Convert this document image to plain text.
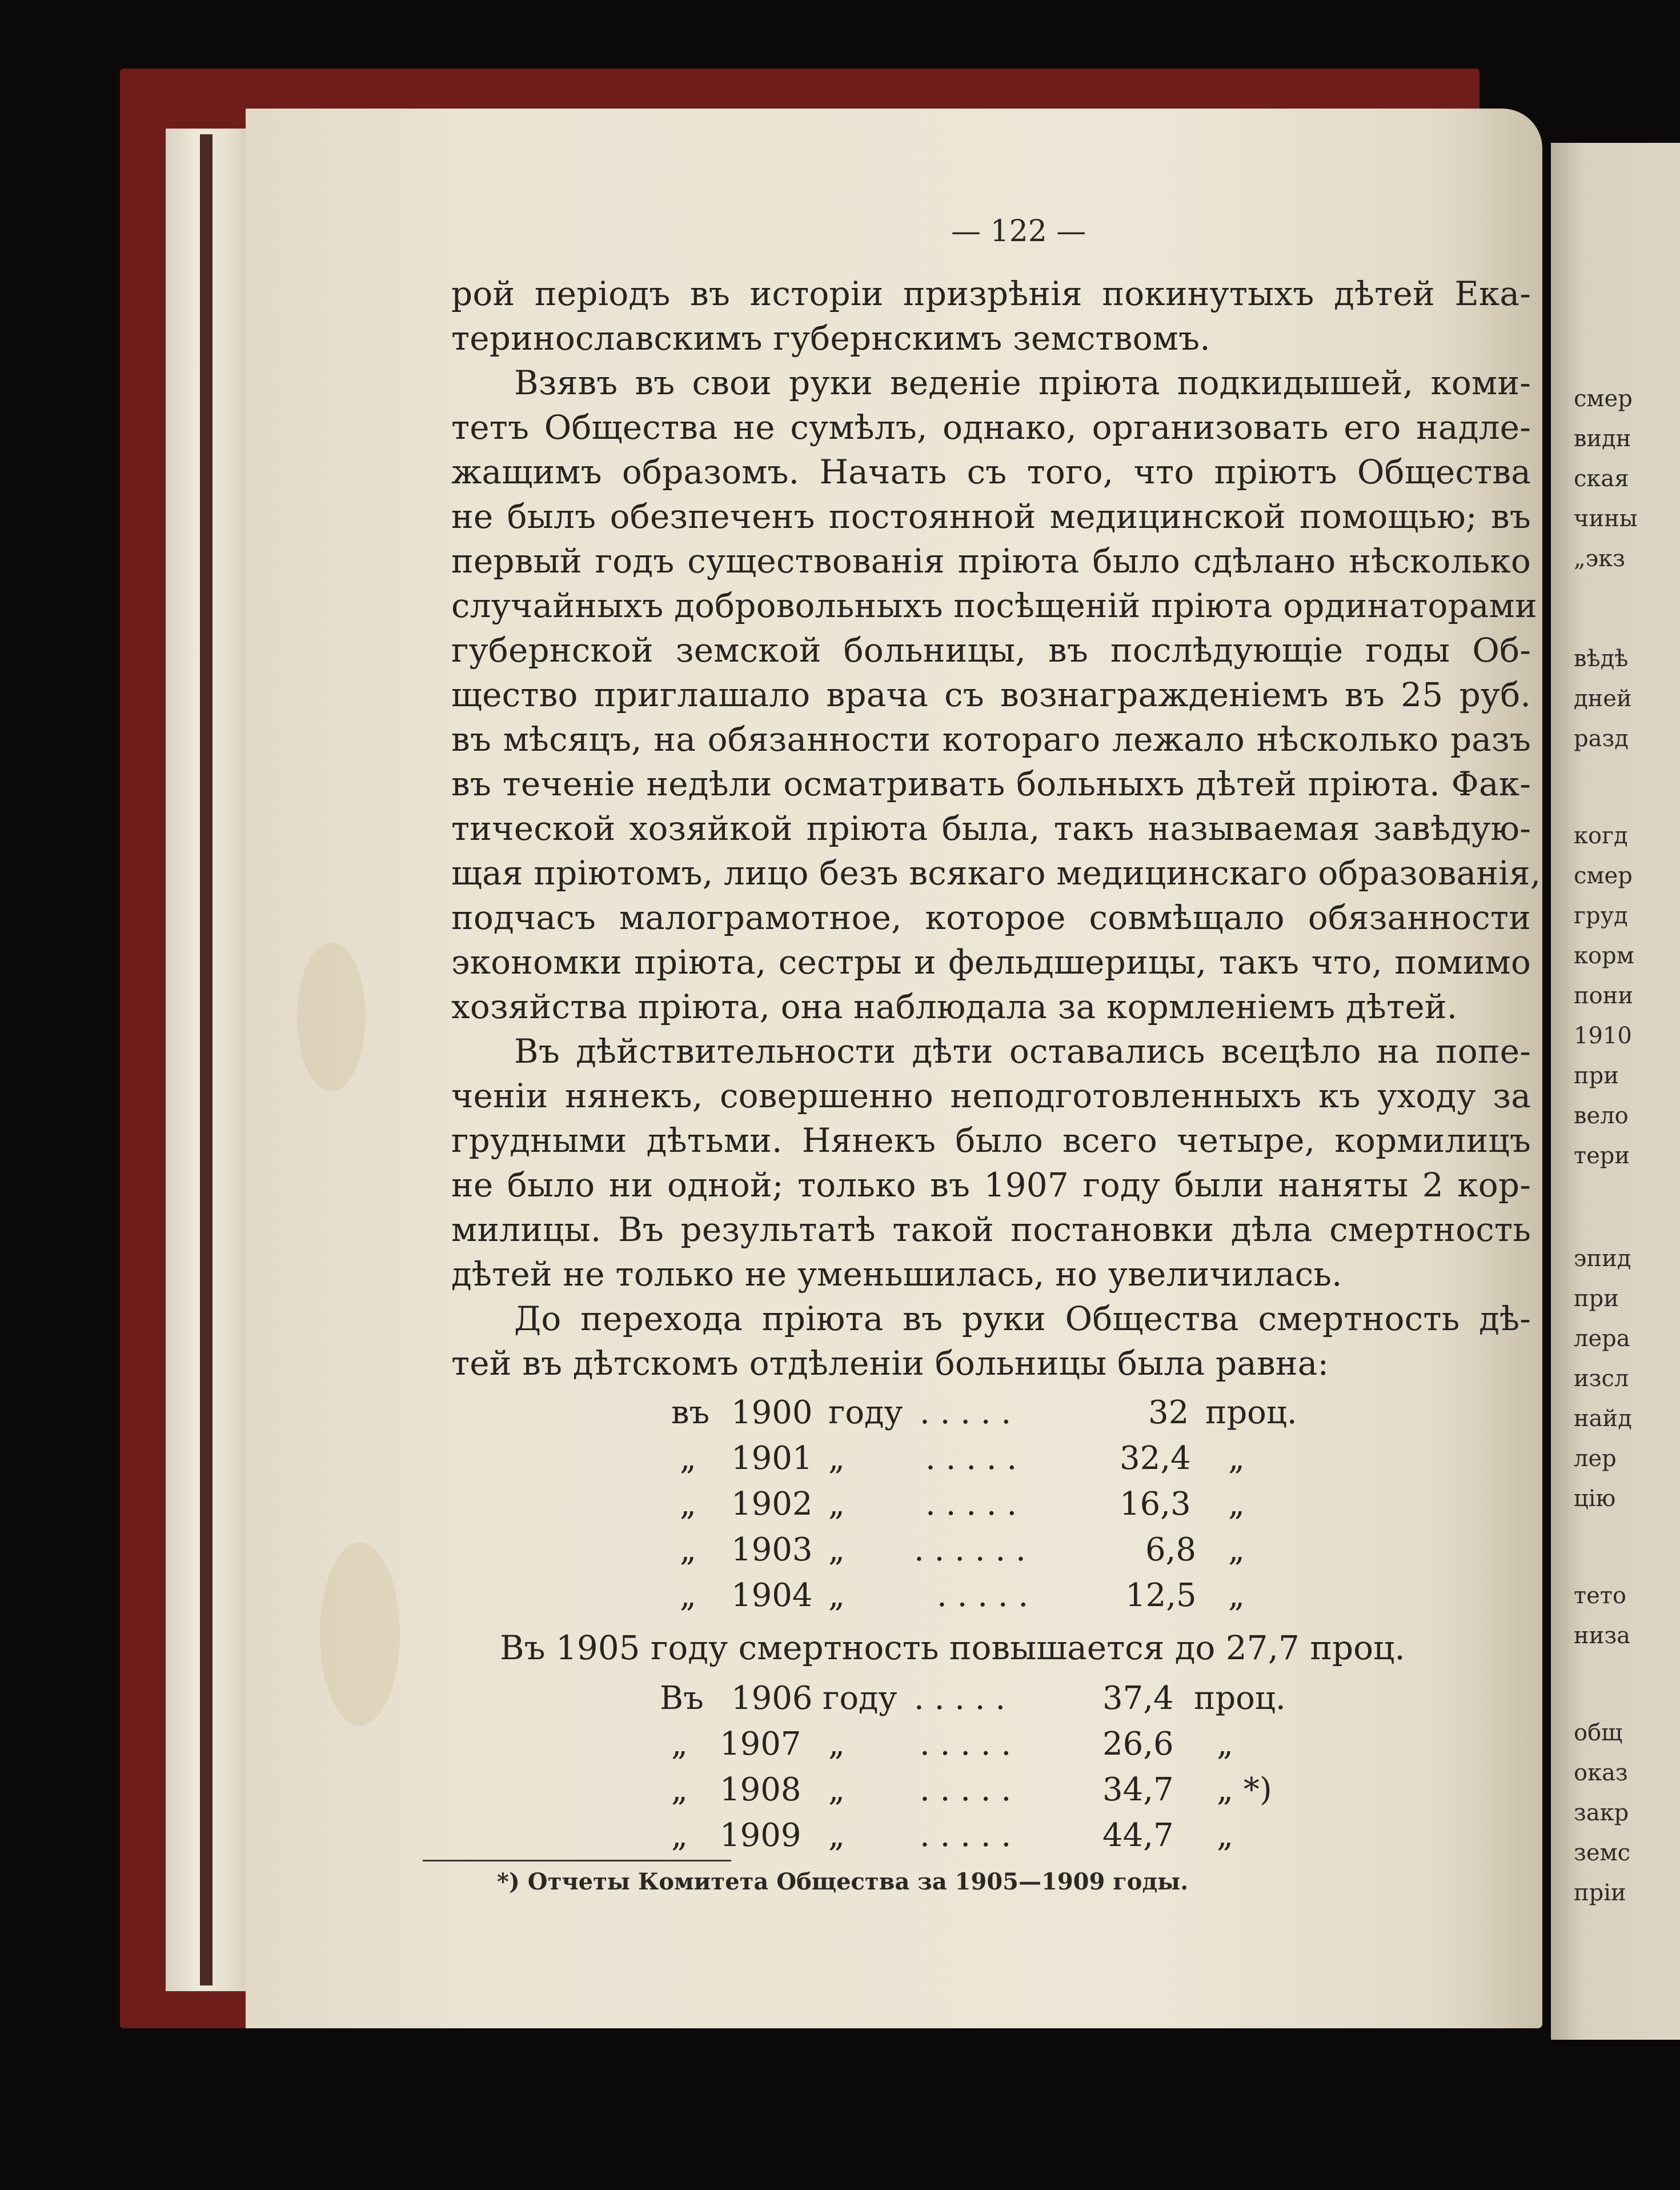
— 122 —
рой періодъ въ исторіи призрѣнія покинутыхъ дѣтей Ека-
теринославскимъ губернскимъ земствомъ.
Взявъ въ свои руки веденіе пріюта подкидышей, коми-
тетъ Общества не сумѣлъ, однако, организовать его надле-
жащимъ образомъ. Начать съ того, что пріютъ Общества
не былъ обезпеченъ постоянной медицинской помощью; въ
первый годъ существованія пріюта было сдѣлано нѣсколько
случайныхъ добровольныхъ посѣщеній пріюта ординаторами
губернской земской больницы, въ послѣдующіе годы Об-
щество приглашало врача съ вознагражденіемъ въ 25 руб.
въ мѣсяцъ, на обязанности котораго лежало нѣсколько разъ
въ теченіе недѣли осматривать больныхъ дѣтей пріюта. Фак-
тической хозяйкой пріюта была, такъ называемая завѣдую-
щая пріютомъ, лицо безъ всякаго медицинскаго образованія,
подчасъ малограмотное, которое совмѣщало обязанности
экономки пріюта, сестры и фельдшерицы, такъ что, помимо
хозяйства пріюта, она наблюдала за кормленіемъ дѣтей.
Въ дѣйствительности дѣти оставались всецѣло на попе-
ченіи нянекъ, совершенно неподготовленныхъ къ уходу за
грудными дѣтьми. Нянекъ было всего четыре, кормилицъ
не было ни одной; только въ 1907 году были наняты 2 кор-
милицы. Въ результатѣ такой постановки дѣла смертность
дѣтей не только не уменьшилась, но увеличилась.
До перехода пріюта въ руки Общества смертность дѣ-
тей въ дѣтскомъ отдѣленіи больницы была равна:
въ 1900 году . . . . .	32 проц.
„ 1901 „	. . . . .	32,4 „
„ 1902 „	. . . . .	16,3 „
„ 1903 „ . . . . . .	6,8 „
„ 1904 „	. . . . .	12,5 „
Въ 1905 году смертность повышается до 27,7 проц.
Въ 1906 году . . . . .	37,4 проц.
„ 1907 „ . . . . .	26,6 „
„ 1908 „ . . . . .	34,7 „ *)
„ 1909 „ . . . . .	44,7 „
*) Отчеты Комитета Общества за 1905—1909 годы.
смер
видн
ская
чины
„экз
вѣдѣ
дней
разд
когд
смер
груд
корм
пони
1910
при
вело
тери
эпид
при
лера
изсл
найд
лер
цію
тето
низа
общ
оказ
закр
земс
пріи
